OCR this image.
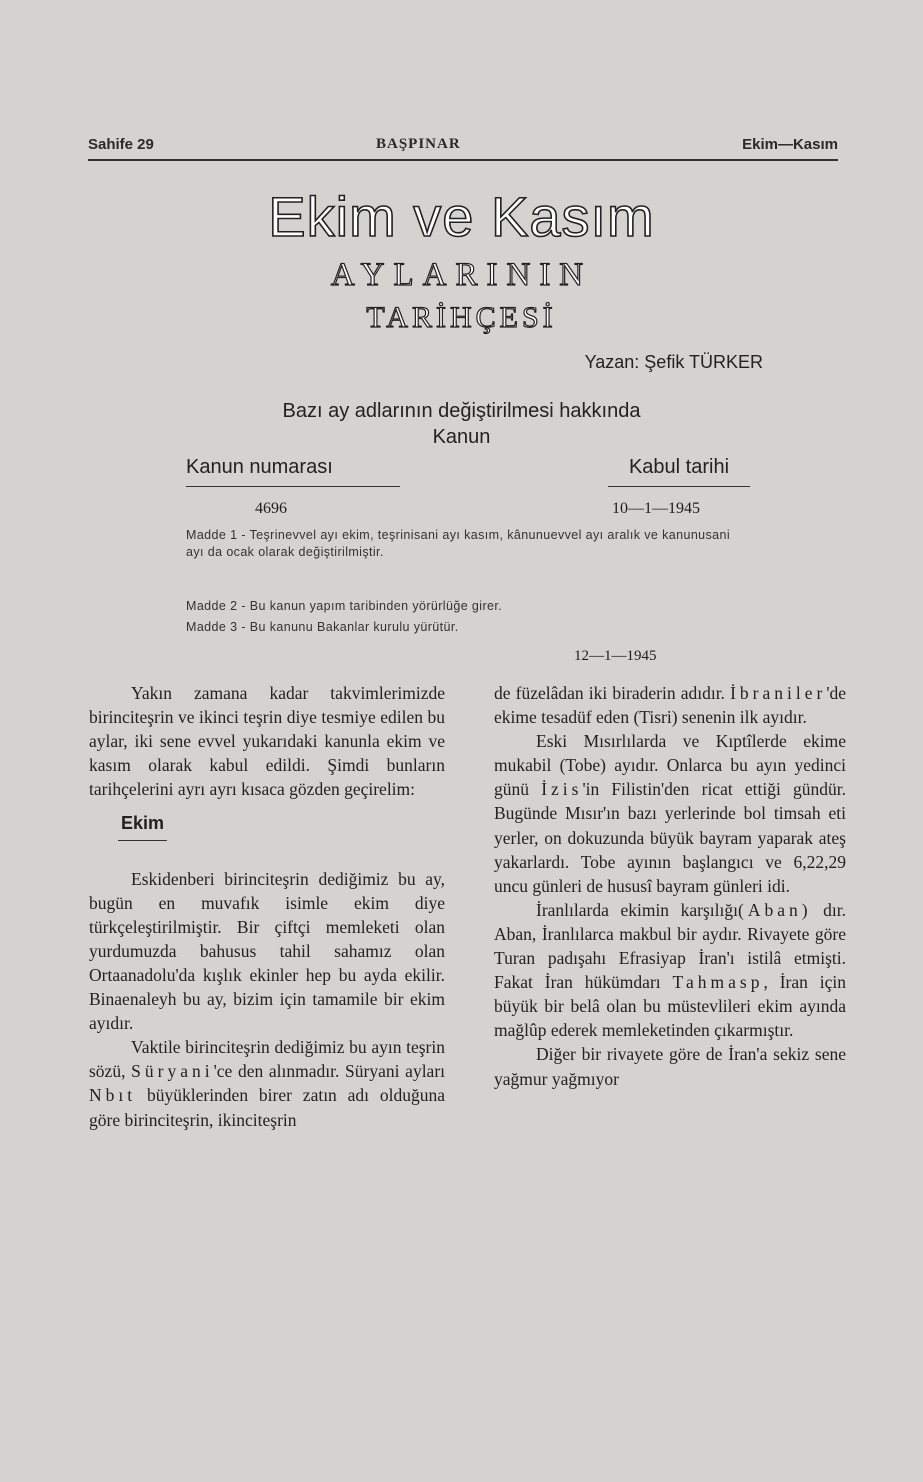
Sahife 29	BAŞPINAR	Ekim—Kasım
Ekim ve Kasım
AYLARININ
TARİHÇESİ
Yazan: Şefik TÜRKER
Bazı ay adlarının değiştirilmesi hakkında
Kanun
Kanun numarası	Kabul tarihi
4696	10—1—1945
Madde 1 - Teşrinevvel ayı ekim, teşrinisani ayı kasım, kânunuevvel ayı aralık ve kanunusani ayı da ocak olarak değiştirilmiştir.
Madde 2 - Bu kanun yapım taribinden yörürlüğe girer.
Madde 3 - Bu kanunu Bakanlar kurulu yürütür.
12—1—1945

Yakın zamana kadar takvimlerimizde birinciteşrin ve ikinci teşrin diye tesmiye edilen bu aylar, iki sene evvel yukarıdaki kanunla ekim ve kasım olarak kabul edildi. Şimdi bunların tarihçelerini ayrı ayrı kısaca gözden geçirelim:

Ekim

Eskidenberi birinciteşrin dediğimiz bu ay, bugün en muvafık isimle ekim diye türkçeleştirilmiştir. Bir çiftçi memleketi olan yurdumuzda bahusus tahil sahamız olan Ortaanadolu'da kışlık ekinler hep bu ayda ekilir. Binaenaleyh bu ay, bizim için tamamile bir ekim ayıdır.

Vaktile birinciteşrin dediğimiz bu ayın teşrin sözü, Süryani'ce den alınmadır. Süryani ayları Nbıt büyüklerinden birer zatın adı olduğuna göre birinciteşrin, ikinciteşrin

de füzelâdan iki biraderin adıdır. İbraniler'de ekime tesadüf eden (Tisri) senenin ilk ayıdır.

Eski Mısırlılarda ve Kıptîlerde ekime mukabil (Tobe) ayıdır. Onlarca bu ayın yedinci günü İzis'in Filistin'den ricat ettiği gündür. Bugünde Mısır'ın bazı yerlerinde bol timsah eti yerler, on dokuzunda büyük bayram yaparak ateş yakarlardı. Tobe ayının başlangıcı ve 6,22,29 uncu günleri de hususî bayram günleri idi.

İranlılarda ekimin karşılığı(Aban) dır. Aban, İranlılarca makbul bir aydır. Rivayete göre Turan padışahı Efrasiyap İran'ı istilâ etmişti. Fakat İran hükümdarı Tahmasp, İran için büyük bir belâ olan bu müstevlileri ekim ayında mağlûp ederek memleketinden çıkarmıştır.

Diğer bir rivayete göre de İran'a sekiz sene yağmur yağmıyor
